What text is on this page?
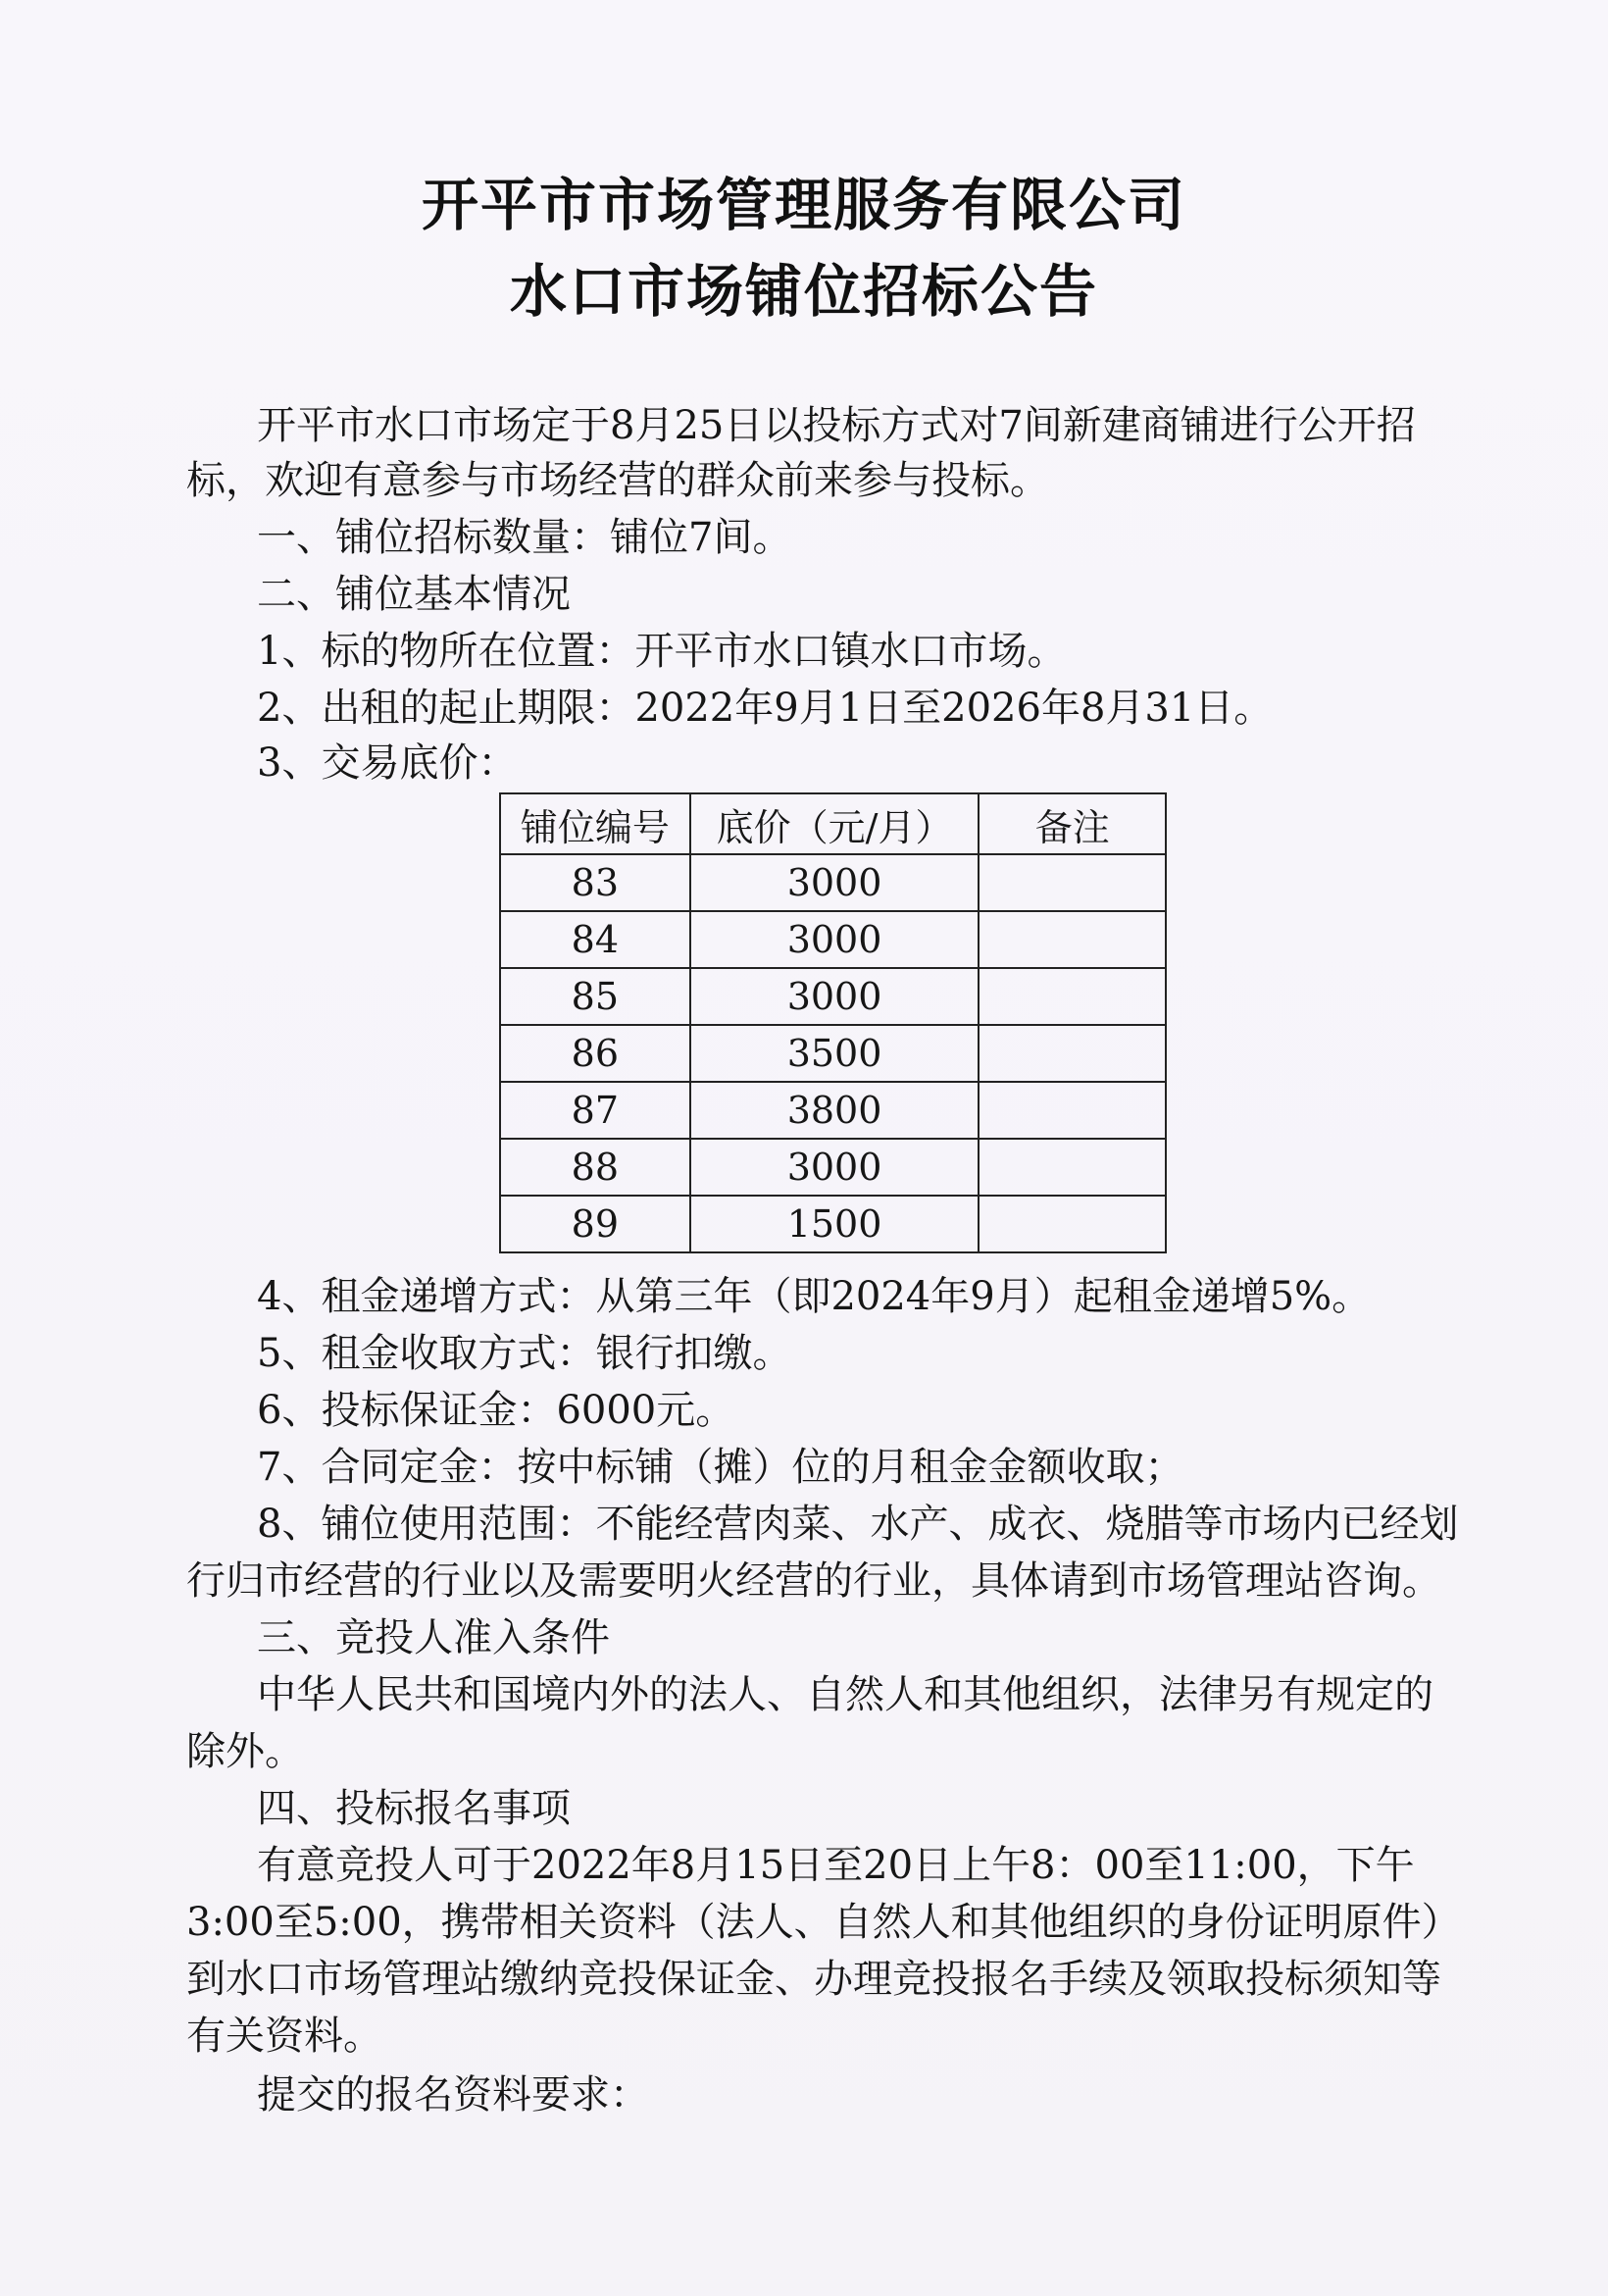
开平市市场管理服务有限公司
水口市场铺位招标公告
开平市水口市场定于8月25日以投标方式对7间新建商铺进行公开招
标，欢迎有意参与市场经营的群众前来参与投标。
一、铺位招标数量：铺位7间。
二、铺位基本情况
1、标的物所在位置：开平市水口镇水口市场。
2、出租的起止期限：2022年9月1日至2026年8月31日。
3、交易底价：
铺位编号	底价（元/月）	备注
83	3000	
84	3000	
85	3000	
86	3500	
87	3800	
88	3000	
89	1500	
4、租金递增方式：从第三年（即2024年9月）起租金递增5%。
5、租金收取方式：银行扣缴。
6、投标保证金：6000元。
7、合同定金：按中标铺（摊）位的月租金金额收取；
8、铺位使用范围：不能经营肉菜、水产、成衣、烧腊等市场内已经划
行归市经营的行业以及需要明火经营的行业，具体请到市场管理站咨询。
三、竞投人准入条件
中华人民共和国境内外的法人、自然人和其他组织，法律另有规定的
除外。
四、投标报名事项
有意竞投人可于2022年8月15日至20日上午8：00至11:00，下午
3:00至5:00，携带相关资料（法人、自然人和其他组织的身份证明原件）
到水口市场管理站缴纳竞投保证金、办理竞投报名手续及领取投标须知等
有关资料。
提交的报名资料要求：
